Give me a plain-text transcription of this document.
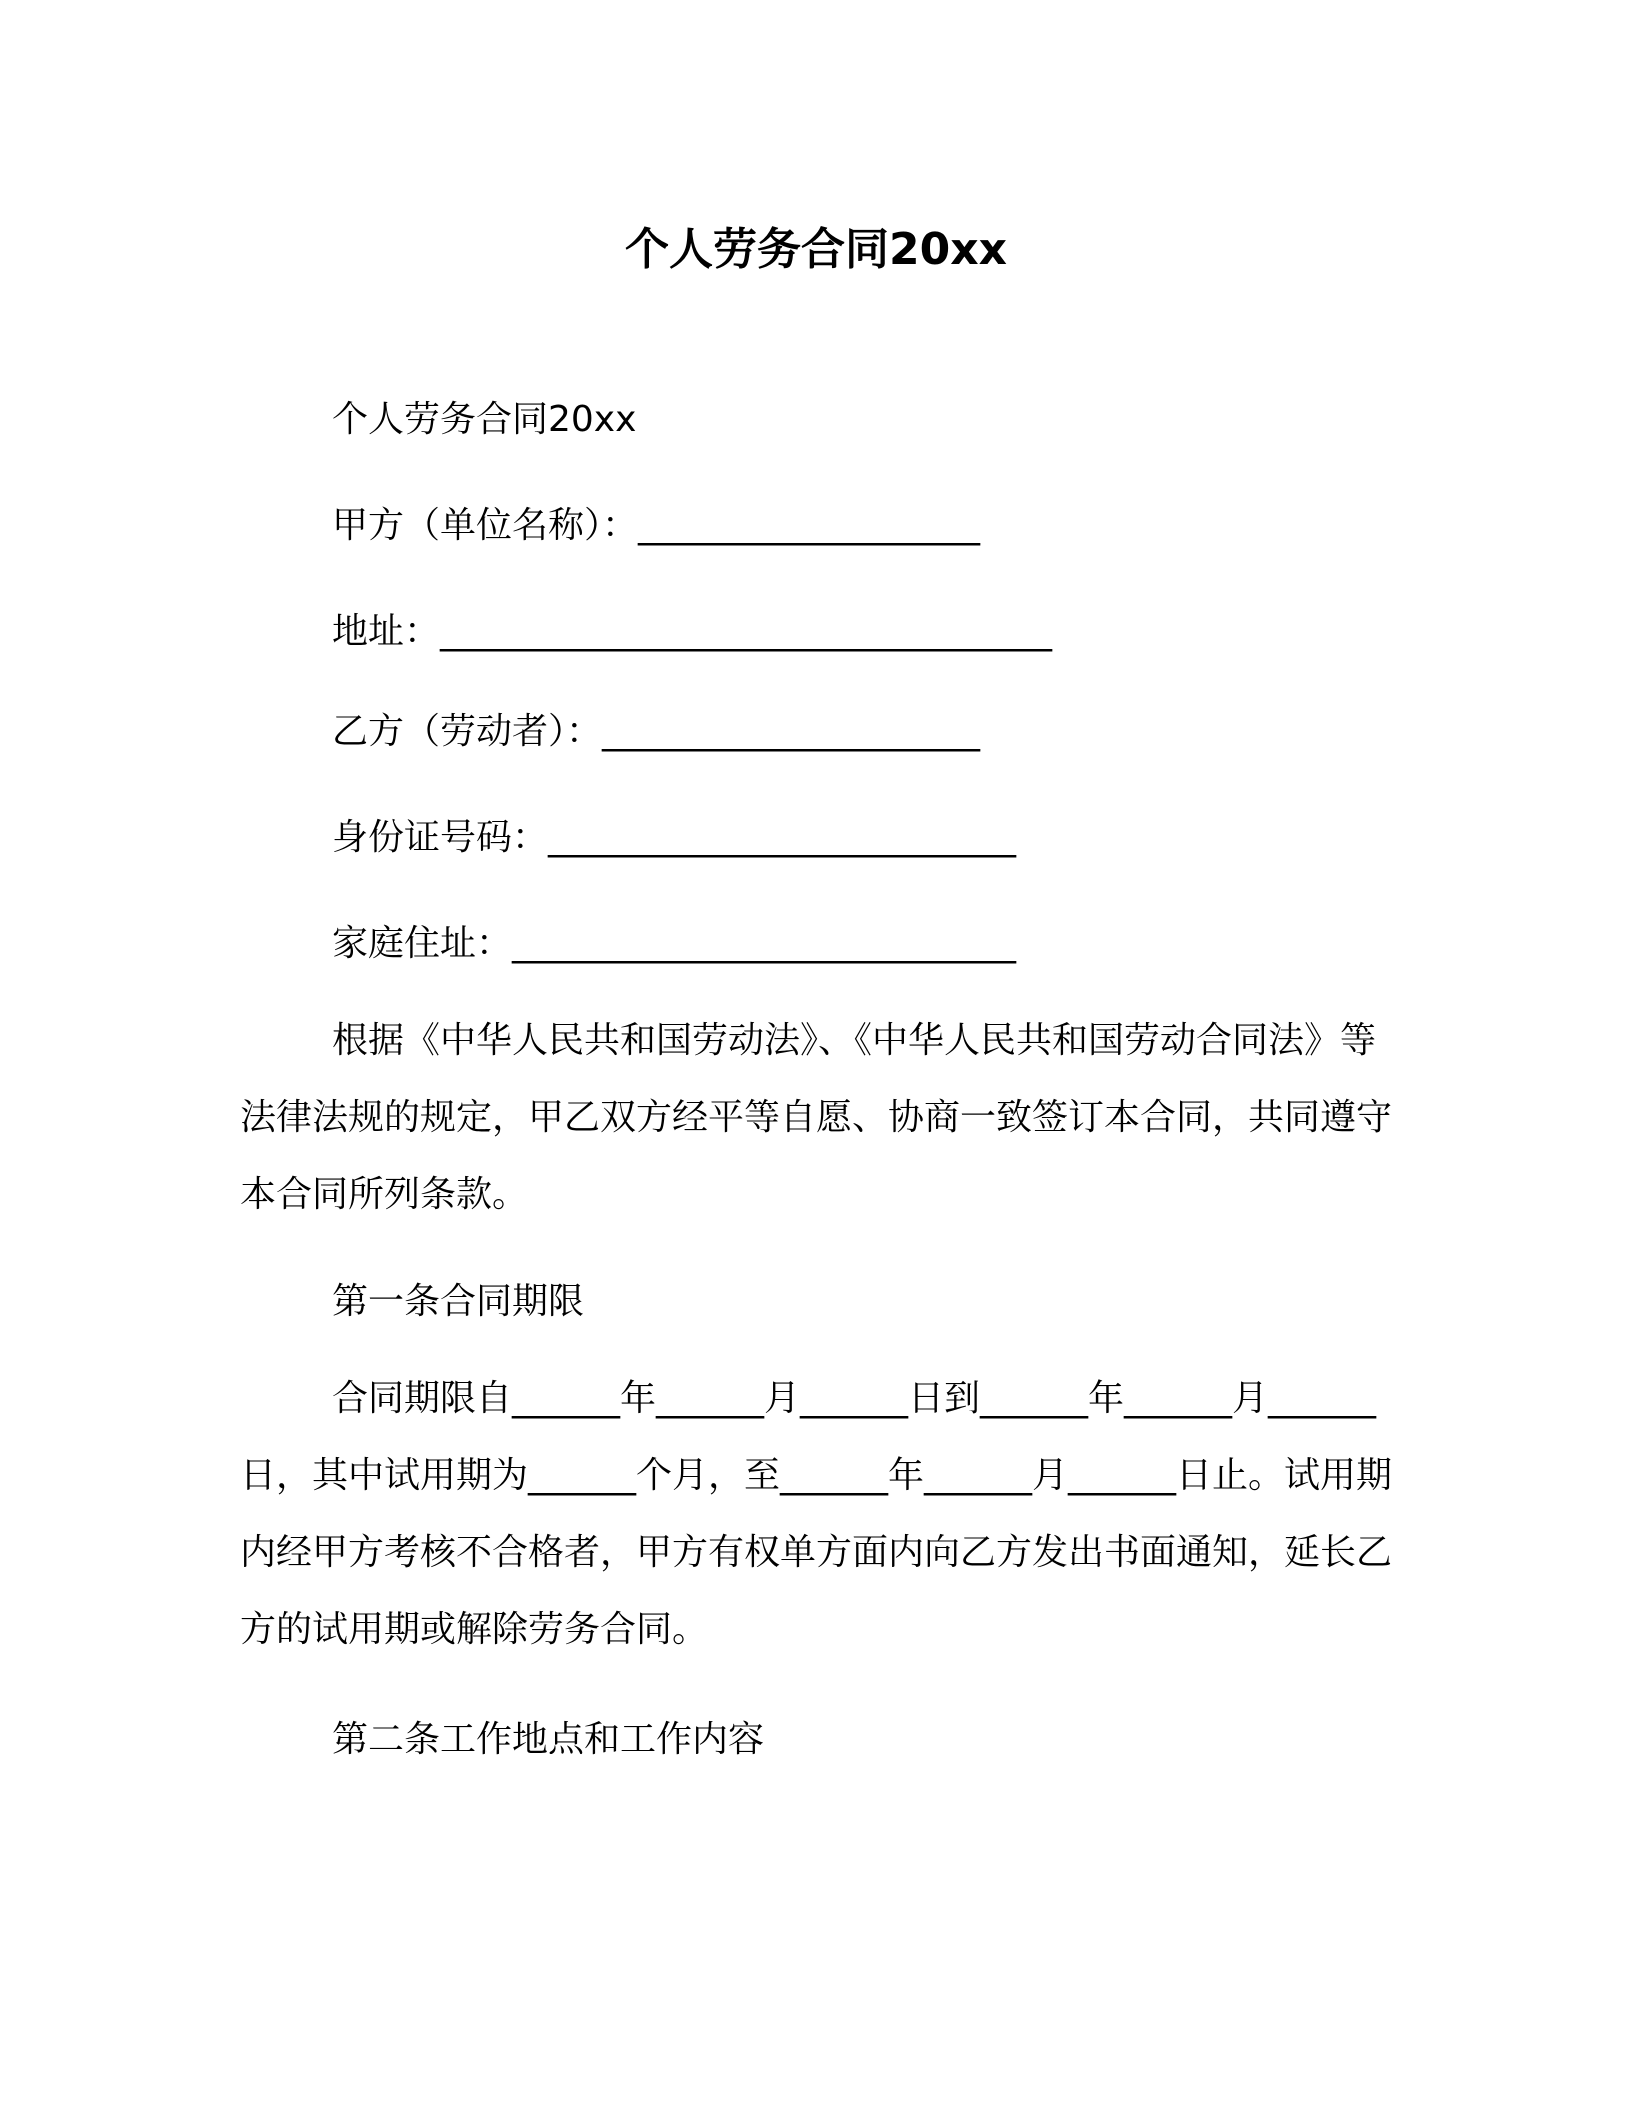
个人劳务合同20xx
个人劳务合同20xx
甲方（单位名称）：___________________
地址：__________________________________
乙方（劳动者）：_____________________
身份证号码：__________________________
家庭住址：____________________________
根据《中华人民共和国劳动法》、《中华人民共和国劳动合同法》等法律法规的规定，甲乙双方经平等自愿、协商一致签订本合同，共同遵守本合同所列条款。
第一条合同期限
合同期限自______年______月______日到______年______月______日，其中试用期为______个月，至______年______月______日止。试用期内经甲方考核不合格者，甲方有权单方面内向乙方发出书面通知，延长乙方的试用期或解除劳务合同。
第二条工作地点和工作内容
